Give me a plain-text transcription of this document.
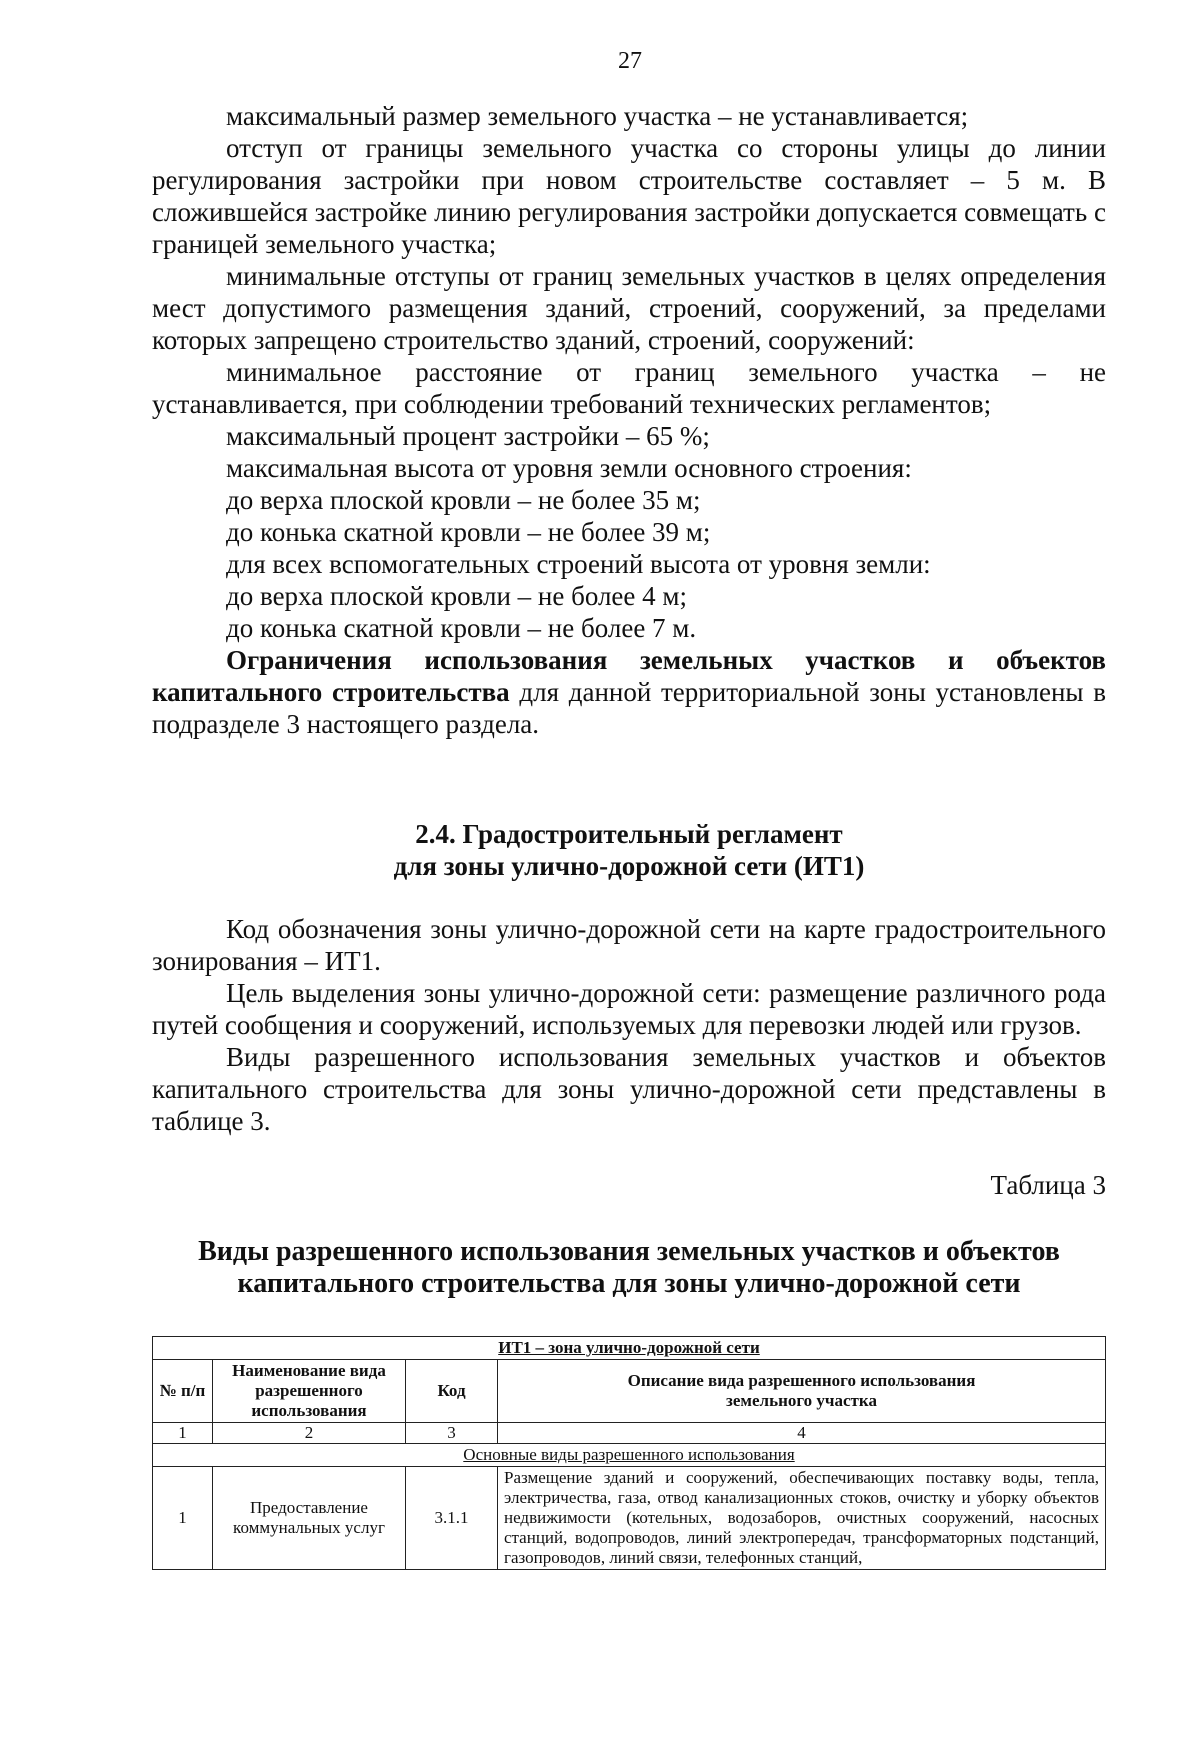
27

максимальный размер земельного участка – не устанавливается;

отступ от границы земельного участка со стороны улицы до линии регулирования застройки при новом строительстве составляет – 5 м. В сложившейся застройке линию регулирования застройки допускается совмещать с границей земельного участка;

минимальные отступы от границ земельных участков в целях определения мест допустимого размещения зданий, строений, сооружений, за пределами которых запрещено строительство зданий, строений, сооружений:

минимальное расстояние от границ земельного участка – не устанавливается, при соблюдении требований технических регламентов;

максимальный процент застройки – 65 %;

максимальная высота от уровня земли основного строения:

до верха плоской кровли – не более 35 м;

до конька скатной кровли – не более 39 м;

для всех вспомогательных строений высота от уровня земли:

до верха плоской кровли – не более 4 м;

до конька скатной кровли – не более 7 м.

Ограничения использования земельных участков и объектов капитального строительства для данной территориальной зоны установлены в подразделе 3 настоящего раздела.

2.4. Градостроительный регламент
для зоны улично-дорожной сети (ИТ1)

Код обозначения зоны улично-дорожной сети на карте градостроительного зонирования – ИТ1.

Цель выделения зоны улично-дорожной сети: размещение различного рода путей сообщения и сооружений, используемых для перевозки людей или грузов.

Виды разрешенного использования земельных участков и объектов капитального строительства для зоны улично-дорожной сети представлены в таблице 3.

Таблица 3
Виды разрешенного использования земельных участков и объектов
капитального строительства для зоны улично-дорожной сети
ИТ1 – зона улично-дорожной сети			
№ п/п	Наименование вида разрешенного использования	Код	Описание вида разрешенного использования земельного участка
1	2	3	4
Основные виды разрешенного использования			
1	Предоставление коммунальных услуг	3.1.1	Размещение зданий и сооружений, обеспечивающих поставку воды, тепла, электричества, газа, отвод канализационных стоков, очистку и уборку объектов недвижимости (котельных, водозаборов, очистных сооружений, насосных станций, водопроводов, линий электропередач, трансформаторных подстанций, газопроводов, линий связи, телефонных станций,
